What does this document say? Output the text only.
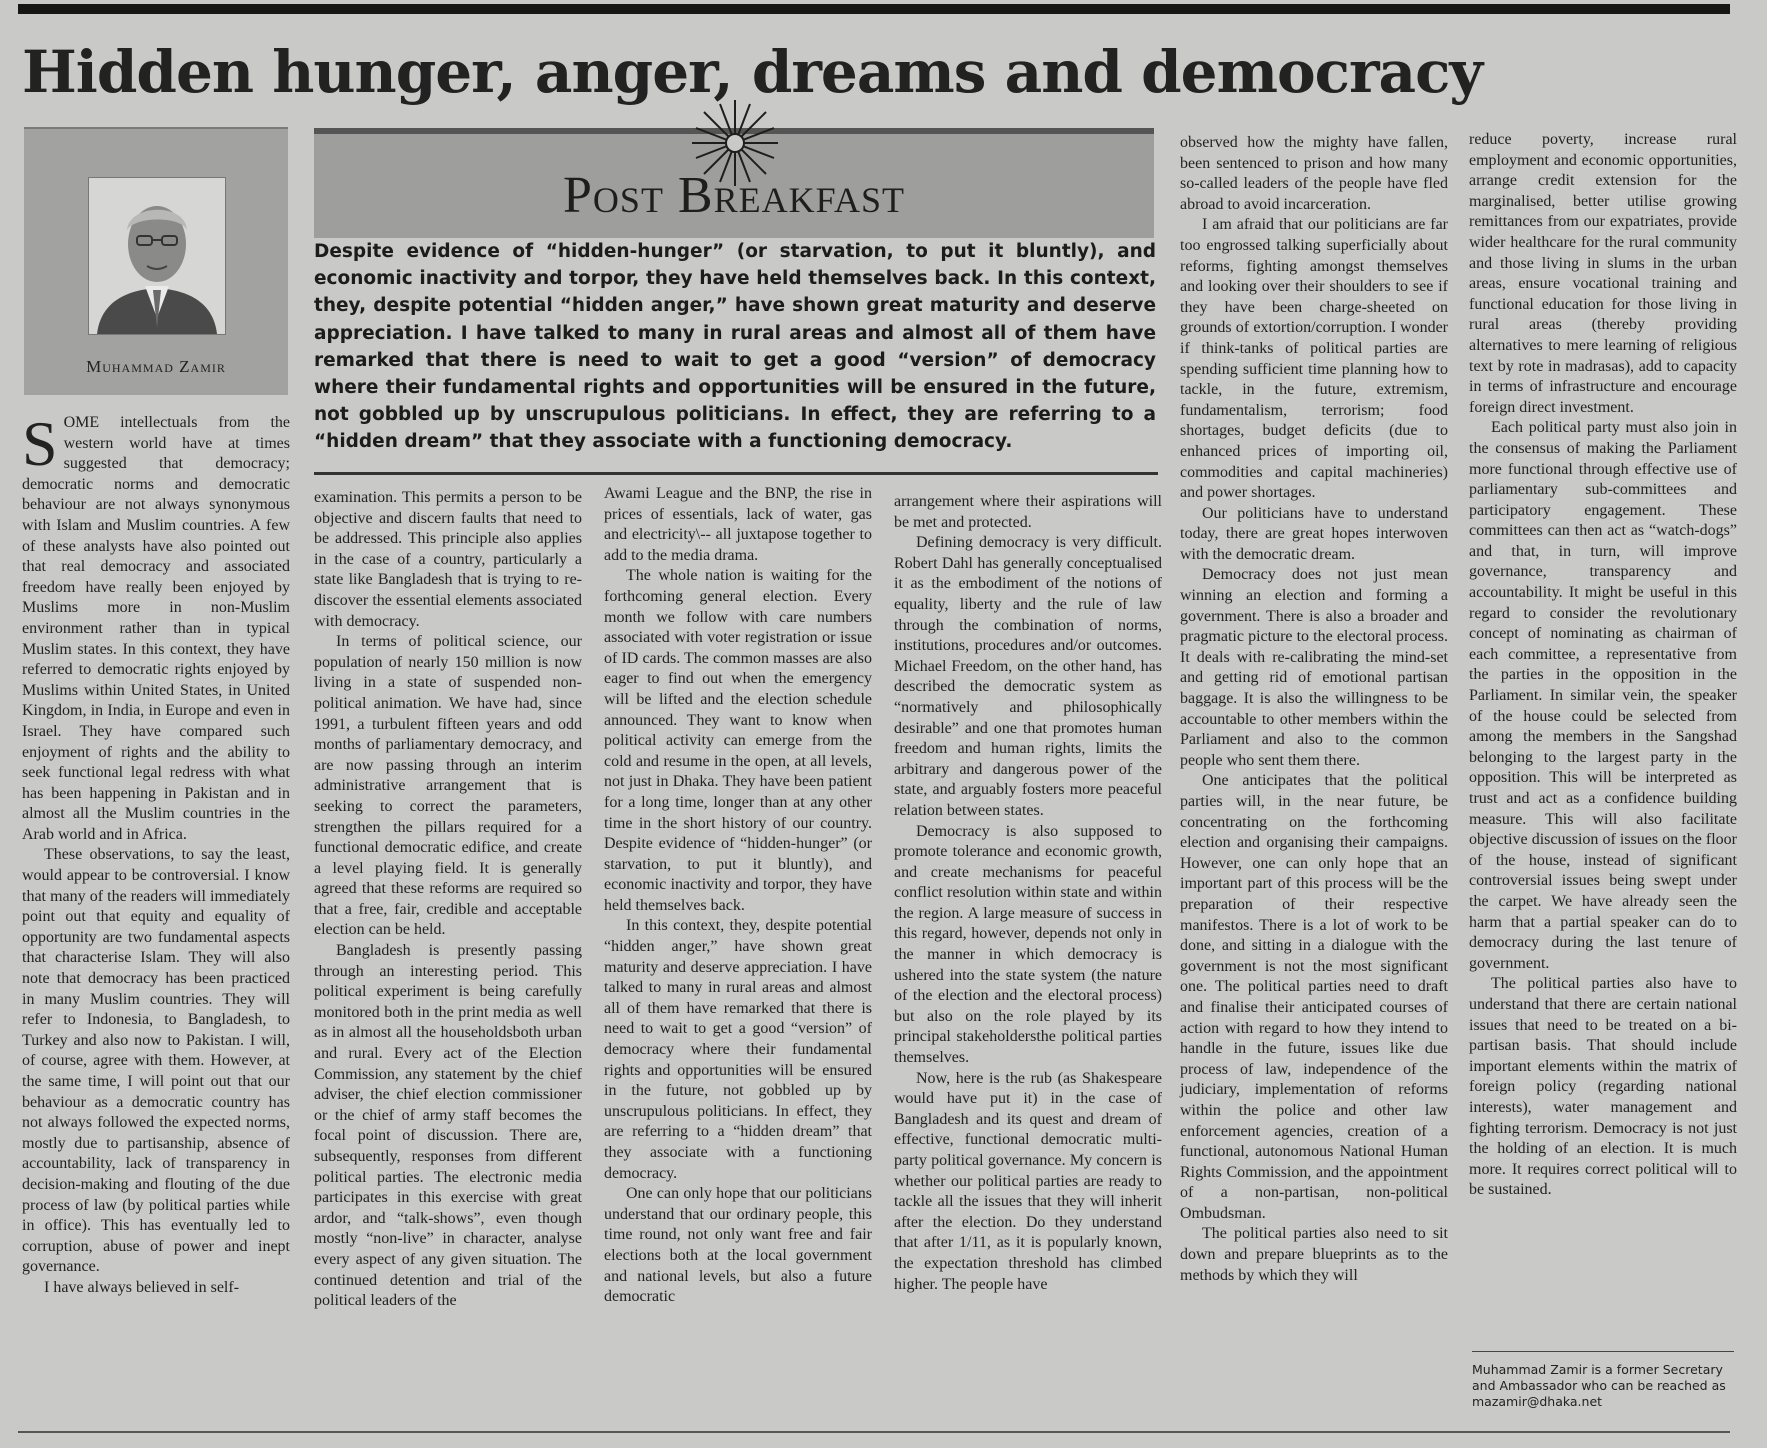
Hidden hunger, anger, dreams and democracy
Muhammad Zamir
Post Breakfast
Despite evidence of “hidden-hunger” (or starvation, to put it bluntly), and economic inactivity and torpor, they have held themselves back. In this context, they, despite potential “hidden anger,” have shown great maturity and deserve appreciation. I have talked to many in rural areas and almost all of them have remarked that there is need to wait to get a good “version” of democracy where their fundamental rights and opportunities will be ensured in the future, not gobbled up by unscrupulous politicians. In effect, they are referring to a “hidden dream” that they associate with a functioning democracy.

SOME intellectuals from the western world have at times suggested that democracy; democratic norms and democratic behaviour are not always synonymous with Islam and Muslim countries. A few of these analysts have also pointed out that real democracy and associated freedom have really been enjoyed by Muslims more in non-Muslim environment rather than in typical Muslim states. In this context, they have referred to democratic rights enjoyed by Muslims within United States, in United Kingdom, in India, in Europe and even in Israel. They have compared such enjoyment of rights and the ability to seek functional legal redress with what has been happening in Pakistan and in almost all the Muslim countries in the Arab world and in Africa.

These observations, to say the least, would appear to be controversial. I know that many of the readers will immediately point out that equity and equality of opportunity are two fundamental aspects that characterise Islam. They will also note that democracy has been practiced in many Muslim countries. They will refer to Indonesia, to Bangladesh, to Turkey and also now to Pakistan. I will, of course, agree with them. However, at the same time, I will point out that our behaviour as a democratic country has not always followed the expected norms, mostly due to partisanship, absence of accountability, lack of transparency in decision-making and flouting of the due process of law (by political parties while in office). This has eventually led to corruption, abuse of power and inept governance.

I have always believed in self-

examination. This permits a person to be objective and discern faults that need to be addressed. This principle also applies in the case of a country, particularly a state like Bangladesh that is trying to re-discover the essential elements associated with democracy.

In terms of political science, our population of nearly 150 million is now living in a state of suspended non-political animation. We have had, since 1991, a turbulent fifteen years and odd months of parliamentary democracy, and are now passing through an interim administrative arrangement that is seeking to correct the parameters, strengthen the pillars required for a functional democratic edifice, and create a level playing field. It is generally agreed that these reforms are required so that a free, fair, credible and acceptable election can be held.

Bangladesh is presently passing through an interesting period. This political experiment is being carefully monitored both in the print media as well as in almost all the householdsboth urban and rural. Every act of the Election Commission, any statement by the chief adviser, the chief election commissioner or the chief of army staff becomes the focal point of discussion. There are, subsequently, responses from different political parties. The electronic media participates in this exercise with great ardor, and “talk-shows”, even though mostly “non-live” in character, analyse every aspect of any given situation. The continued detention and trial of the political leaders of the

Awami League and the BNP, the rise in prices of essentials, lack of water, gas and electricity\-- all juxtapose together to add to the media drama.

The whole nation is waiting for the forthcoming general election. Every month we follow with care numbers associated with voter registration or issue of ID cards. The common masses are also eager to find out when the emergency will be lifted and the election schedule announced. They want to know when political activity can emerge from the cold and resume in the open, at all levels, not just in Dhaka. They have been patient for a long time, longer than at any other time in the short history of our country. Despite evidence of “hidden-hunger” (or starvation, to put it bluntly), and economic inactivity and torpor, they have held themselves back.

In this context, they, despite potential “hidden anger,” have shown great maturity and deserve appreciation. I have talked to many in rural areas and almost all of them have remarked that there is need to wait to get a good “version” of democracy where their fundamental rights and opportunities will be ensured in the future, not gobbled up by unscrupulous politicians. In effect, they are referring to a “hidden dream” that they associate with a functioning democracy.

One can only hope that our politicians understand that our ordinary people, this time round, not only want free and fair elections both at the local government and national levels, but also a future democratic

arrangement where their aspirations will be met and protected.

Defining democracy is very difficult. Robert Dahl has generally conceptualised it as the embodiment of the notions of equality, liberty and the rule of law through the combination of norms, institutions, procedures and/or outcomes. Michael Freedom, on the other hand, has described the democratic system as “normatively and philosophically desirable” and one that promotes human freedom and human rights, limits the arbitrary and dangerous power of the state, and arguably fosters more peaceful relation between states.

Democracy is also supposed to promote tolerance and economic growth, and create mechanisms for peaceful conflict resolution within state and within the region. A large measure of success in this regard, however, depends not only in the manner in which democracy is ushered into the state system (the nature of the election and the electoral process) but also on the role played by its principal stakeholdersthe political parties themselves.

Now, here is the rub (as Shakespeare would have put it) in the case of Bangladesh and its quest and dream of effective, functional democratic multi-party political governance. My concern is whether our political parties are ready to tackle all the issues that they will inherit after the election. Do they understand that after 1/11, as it is popularly known, the expectation threshold has climbed higher. The people have

observed how the mighty have fallen, been sentenced to prison and how many so-called leaders of the people have fled abroad to avoid incarceration.

I am afraid that our politicians are far too engrossed talking superficially about reforms, fighting amongst themselves and looking over their shoulders to see if they have been charge-sheeted on grounds of extortion/corruption. I wonder if think-tanks of political parties are spending sufficient time planning how to tackle, in the future, extremism, fundamentalism, terrorism; food shortages, budget deficits (due to enhanced prices of importing oil, commodities and capital machineries) and power shortages.

Our politicians have to understand today, there are great hopes interwoven with the democratic dream.

Democracy does not just mean winning an election and forming a government. There is also a broader and pragmatic picture to the electoral process. It deals with re-calibrating the mind-set and getting rid of emotional partisan baggage. It is also the willingness to be accountable to other members within the Parliament and also to the common people who sent them there.

One anticipates that the political parties will, in the near future, be concentrating on the forthcoming election and organising their campaigns. However, one can only hope that an important part of this process will be the preparation of their respective manifestos. There is a lot of work to be done, and sitting in a dialogue with the government is not the most significant one. The political parties need to draft and finalise their anticipated courses of action with regard to how they intend to handle in the future, issues like due process of law, independence of the judiciary, implementation of reforms within the police and other law enforcement agencies, creation of a functional, autonomous National Human Rights Commission, and the appointment of a non-partisan, non-political Ombudsman.

The political parties also need to sit down and prepare blueprints as to the methods by which they will

reduce poverty, increase rural employment and economic opportunities, arrange credit extension for the marginalised, better utilise growing remittances from our expatriates, provide wider healthcare for the rural community and those living in slums in the urban areas, ensure vocational training and functional education for those living in rural areas (thereby providing alternatives to mere learning of religious text by rote in madrasas), add to capacity in terms of infrastructure and encourage foreign direct investment.

Each political party must also join in the consensus of making the Parliament more functional through effective use of parliamentary sub-committees and participatory engagement. These committees can then act as “watch-dogs” and that, in turn, will improve governance, transparency and accountability. It might be useful in this regard to consider the revolutionary concept of nominating as chairman of each committee, a representative from the parties in the opposition in the Parliament. In similar vein, the speaker of the house could be selected from among the members in the Sangshad belonging to the largest party in the opposition. This will be interpreted as trust and act as a confidence building measure. This will also facilitate objective discussion of issues on the floor of the house, instead of significant controversial issues being swept under the carpet. We have already seen the harm that a partial speaker can do to democracy during the last tenure of government.

The political parties also have to understand that there are certain national issues that need to be treated on a bi-partisan basis. That should include important elements within the matrix of foreign policy (regarding national interests), water management and fighting terrorism. Democracy is not just the holding of an election. It is much more. It requires correct political will to be sustained.

Muhammad Zamir is a former Secretary and Ambassador who can be reached as mazamir@dhaka.net
